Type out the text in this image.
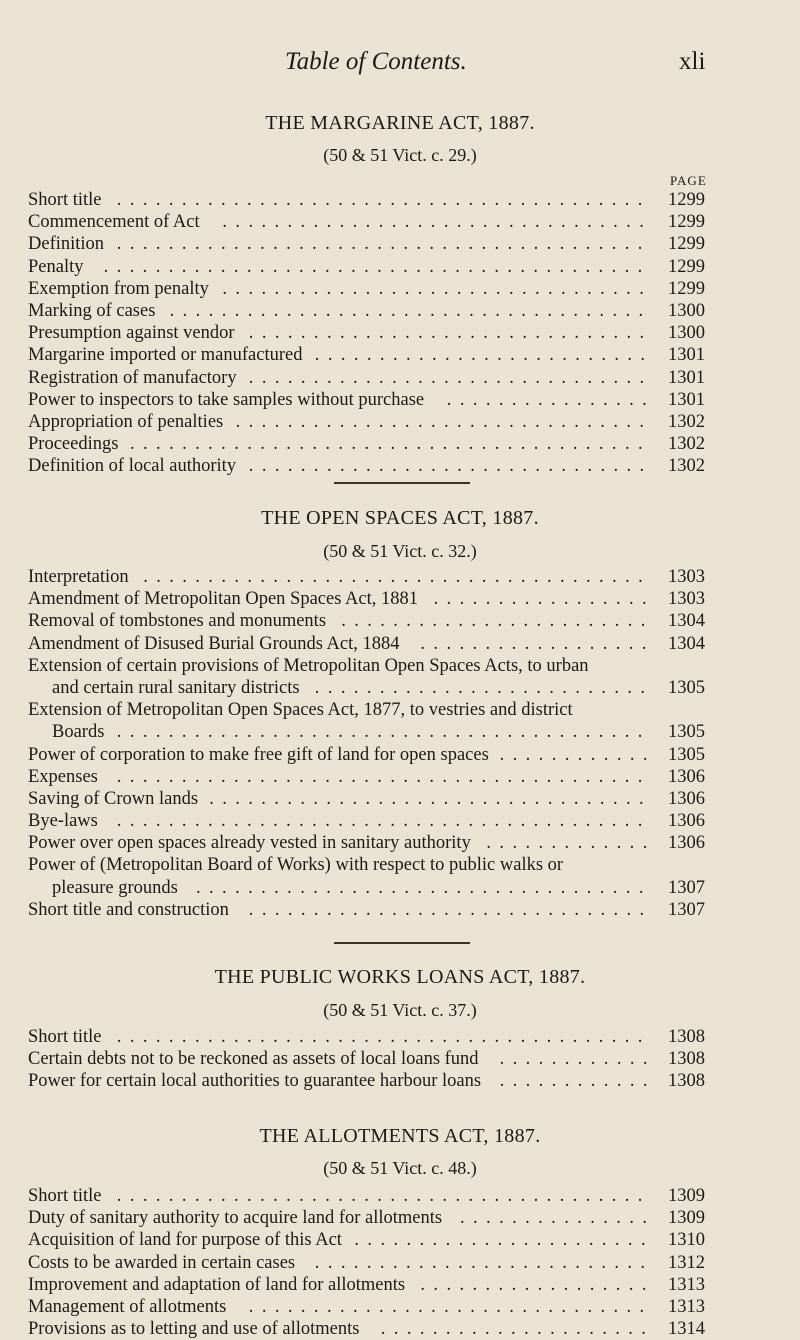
Table of Contents.	xli
THE MARGARINE ACT, 1887.
(50 & 51 Vict. c. 29.)
PAGE
Short title ......................................... 1299
Commencement of Act ................................. 1299
Definition ......................................... 1299
Penalty .......................................... 1299
Exemption from penalty ................................. 1299
Marking of cases ..................................... 1300
Presumption against vendor ............................... 1300
Margarine imported or manufactured .......................... 1301
Registration of manufactory ............................... 1301
Power to inspectors to take samples without purchase ................ 1301
Appropriation of penalties ................................ 1302
Proceedings ........................................ 1302
Definition of local authority ............................... 1302
THE OPEN SPACES ACT, 1887.
(50 & 51 Vict. c. 32.)
Interpretation ....................................... 1303
Amendment of Metropolitan Open Spaces Act, 1881 ................. 1303
Removal of tombstones and monuments ........................ 1304
Amendment of Disused Burial Grounds Act, 1884 .................. 1304
Extension of certain provisions of Metropolitan Open Spaces Acts, to urban
and certain rural sanitary districts .......................... 1305
Extension of Metropolitan Open Spaces Act, 1877, to vestries and district
Boards ......................................... 1305
Power of corporation to make free gift of land for open spaces ............ 1305
Expenses ......................................... 1306
Saving of Crown lands .................................. 1306
Bye-laws ......................................... 1306
Power over open spaces already vested in sanitary authority ............. 1306
Power of (Metropolitan Board of Works) with respect to public walks or
pleasure grounds ................................... 1307
Short title and construction ............................... 1307
THE PUBLIC WORKS LOANS ACT, 1887.
(50 & 51 Vict. c. 37.)
Short title ......................................... 1308
Certain debts not to be reckoned as assets of local loans fund ............ 1308
Power for certain local authorities to guarantee harbour loans ............ 1308
THE ALLOTMENTS ACT, 1887.
(50 & 51 Vict. c. 48.)
Short title ......................................... 1309
Duty of sanitary authority to acquire land for allotments ............... 1309
Acquisition of land for purpose of this Act ....................... 1310
Costs to be awarded in certain cases .......................... 1312
Improvement and adaptation of land for allotments .................. 1313
Management of allotments ............................... 1313
Provisions as to letting and use of allotments ..................... 1314
